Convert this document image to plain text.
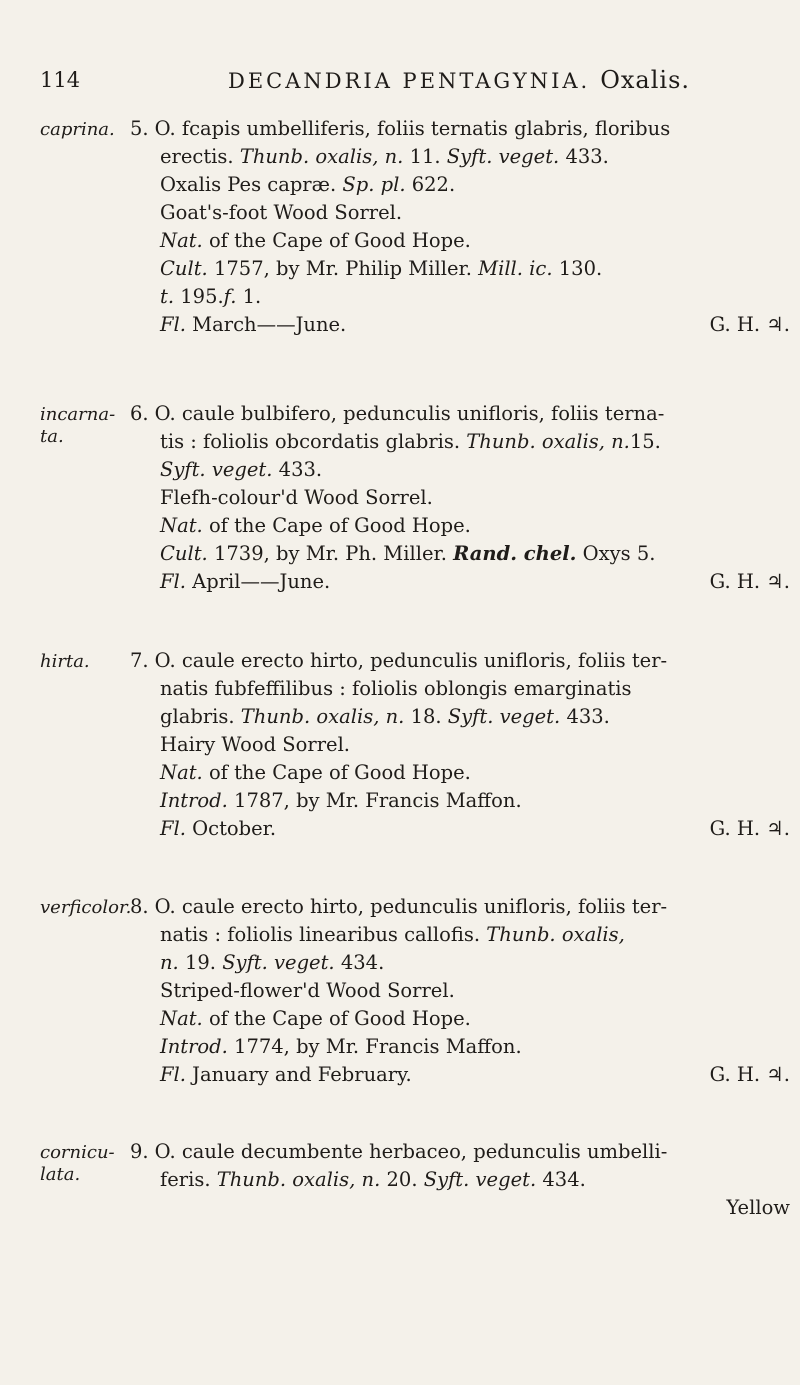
114	DECANDRIA PENTAGYNIA. Oxalis.
caprina. 5. O. fcapis umbelliferis, foliis ternatis glabris, floribus
erectis. Thunb. oxalis, n. 11. Syft. veget. 433.
Oxalis Pes capræ. Sp. pl. 622.
Goat's-foot Wood Sorrel.
Nat. of the Cape of Good Hope.
Cult. 1757, by Mr. Philip Miller. Mill. ic. 130.
t. 195.f. 1.
Fl. March——June.	G. H. ♃.
incarna-
ta.
6. O. caule bulbifero, pedunculis unifloris, foliis terna-
tis : foliolis obcordatis glabris. Thunb. oxalis, n.15.
Syft. veget. 433.
Flefh-colour'd Wood Sorrel.
Nat. of the Cape of Good Hope.
Cult. 1739, by Mr. Ph. Miller. Rand. chel. Oxys 5.
Fl. April——June.	G. H. ♃.
hirta.	7. O. caule erecto hirto, pedunculis unifloris, foliis ter-
natis fubfeffilibus : foliolis oblongis emarginatis
glabris. Thunb. oxalis, n. 18. Syft. veget. 433.
Hairy Wood Sorrel.
Nat. of the Cape of Good Hope.
Introd. 1787, by Mr. Francis Maffon.
Fl. October.	G. H. ♃.
verficolor.
8. O. caule erecto hirto, pedunculis unifloris, foliis ter-
natis : foliolis linearibus callofis. Thunb. oxalis,
n. 19. Syft. veget. 434.
Striped-flower'd Wood Sorrel.
Nat. of the Cape of Good Hope.
Introd. 1774, by Mr. Francis Maffon.
Fl. January and February.	G. H. ♃.
cornicu-
lata.
9. O. caule decumbente herbaceo, pedunculis umbelli-
feris. Thunb. oxalis, n. 20. Syft. veget. 434.
Yellow
